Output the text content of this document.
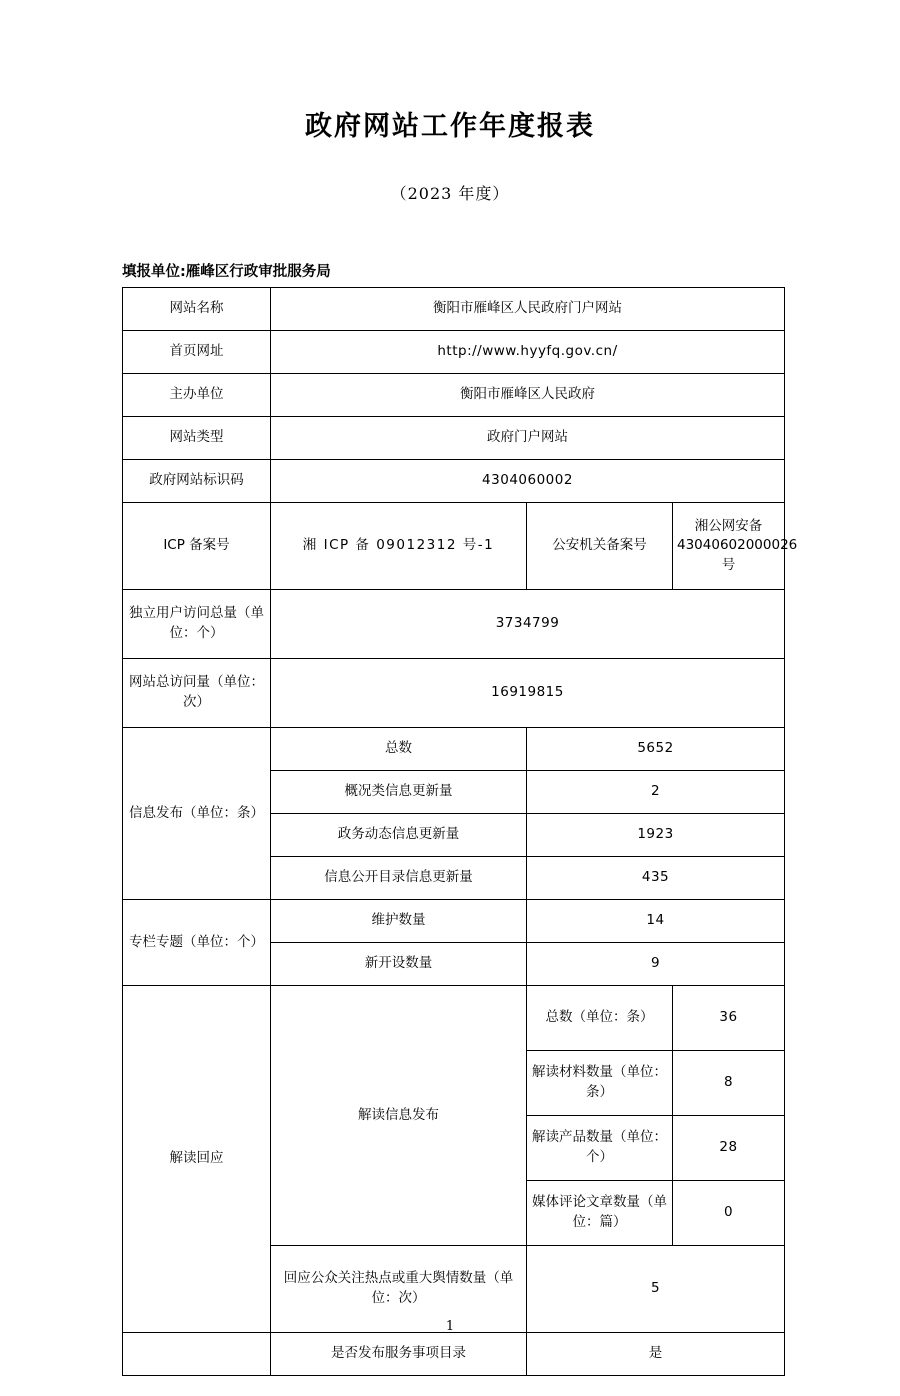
政府网站工作年度报表
（2023 年度）
填报单位:雁峰区行政审批服务局
网站名称	衡阳市雁峰区人民政府门户网站		
首页网址	http://www.hyyfq.gov.cn/		
主办单位	衡阳市雁峰区人民政府		
网站类型	政府门户网站		
政府网站标识码	4304060002		
ICP 备案号	湘 ICP 备 09012312 号-1	公安机关备案号	湘公网安备 43040602000026 号
独立用户访问总量（单位：个）	3734799		
网站总访问量（单位：次）	16919815		
信息发布（单位：条）	总数	5652	
	概况类信息更新量	2	
	政务动态信息更新量	1923	
	信息公开目录信息更新量	435	
专栏专题（单位：个）	维护数量	14	
	新开设数量	9	
解读回应	解读信息发布	总数（单位：条）	36
		解读材料数量（单位：条）	8
		解读产品数量（单位：个）	28
		媒体评论文章数量（单位：篇）	0
	回应公众关注热点或重大舆情数量（单位：次）	5	
	是否发布服务事项目录	是	
1
